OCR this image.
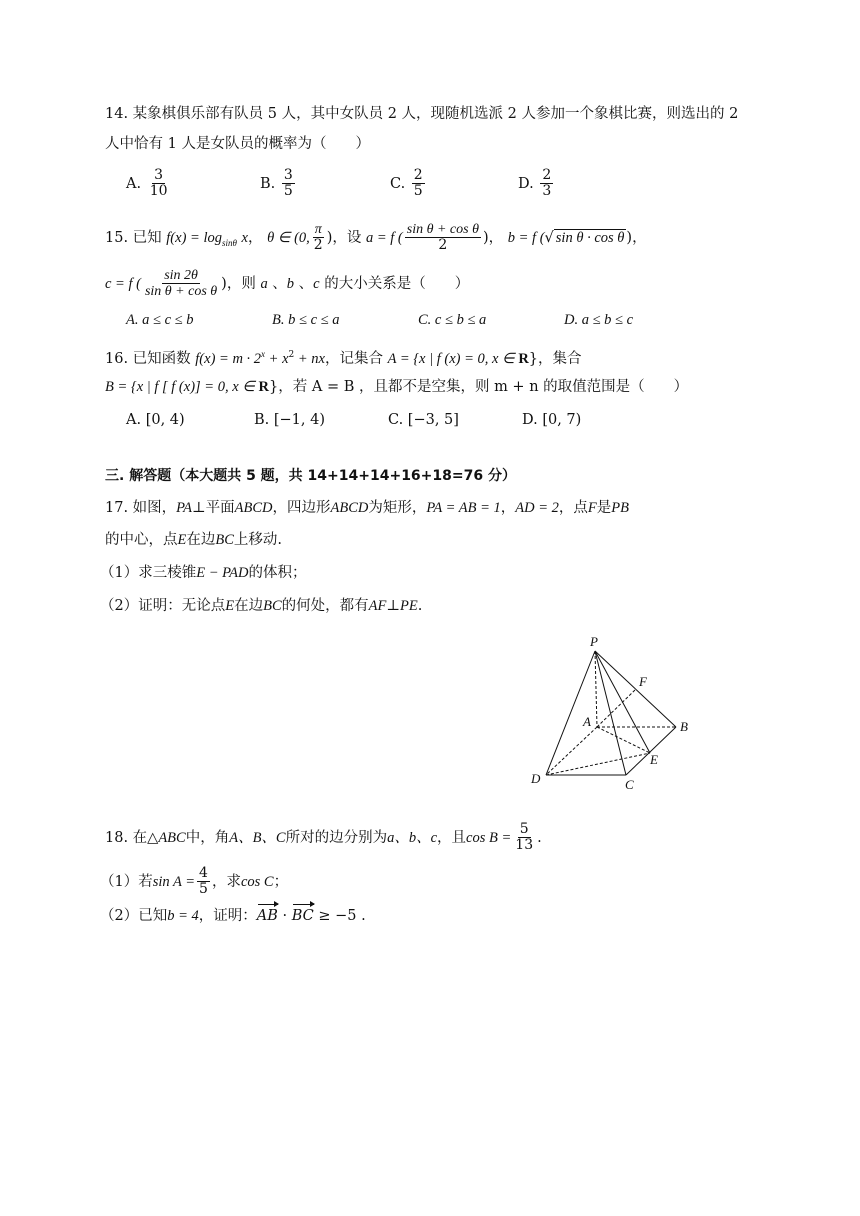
14. 某象棋俱乐部有队员 5 人，其中女队员 2 人，现随机选派 2 人参加一个象棋比赛，则选出的 2
人中恰有 1 人是女队员的概率为（　　）
A. $\frac{3}{10}$	B. $\frac{3}{5}$	C. $\frac{2}{5}$	D. $\frac{2}{3}$
15. 已知 $f(x) = \log_{sin\theta} x$， θ ∈ (0, $\frac{\pi}{2}$ )，设 a = f ( $\frac{\text{sin θ + cos θ}}{2}$ )， b = f (√ sin θ · cos θ )，
c = f ( $\frac{\sin 2\theta}{\text{sin θ + cos θ}}$ )，则 a 、b 、c 的大小关系是（　　）
A. a ≤ c ≤ b	B. b ≤ c ≤ a	C. c ≤ b ≤ a	D. a ≤ b ≤ c
16. 已知函数 $f(x) = m \cdot 2^x + x^2$ + nx，记集合 A = {x | f (x) = 0, x ∈ R}，集合
B = {x | f [ f (x)] = 0, x ∈ R}，若 A = B ，且都不是空集，则 m + n 的取值范围是（　　）
A. [0, 4)	B. [−1, 4)	C. [−3, 5]	D. [0, 7)
三. 解答题（本大题共 5 题，共 14+14+14+16+18=76 分）
17. 如图，PA⊥平面ABCD，四边形ABCD为矩形，PA = AB = 1，AD = 2，点F是PB
的中心，点E在边BC上移动.
（1）求三棱锥E − PAD的体积；
（2）证明：无论点E在边BC的何处，都有AF⊥PE.
P
F
A	B
E
D	C
18. 在△ABC中，角A、B、C所对的边分别为a、b、c，且$\cos B = \frac{5}{13}$ .
（1）若$\sin A = \frac{4}{5}$ ，求cos C；
（2）已知b = 4，证明：AB · BC ≥ −5 .
